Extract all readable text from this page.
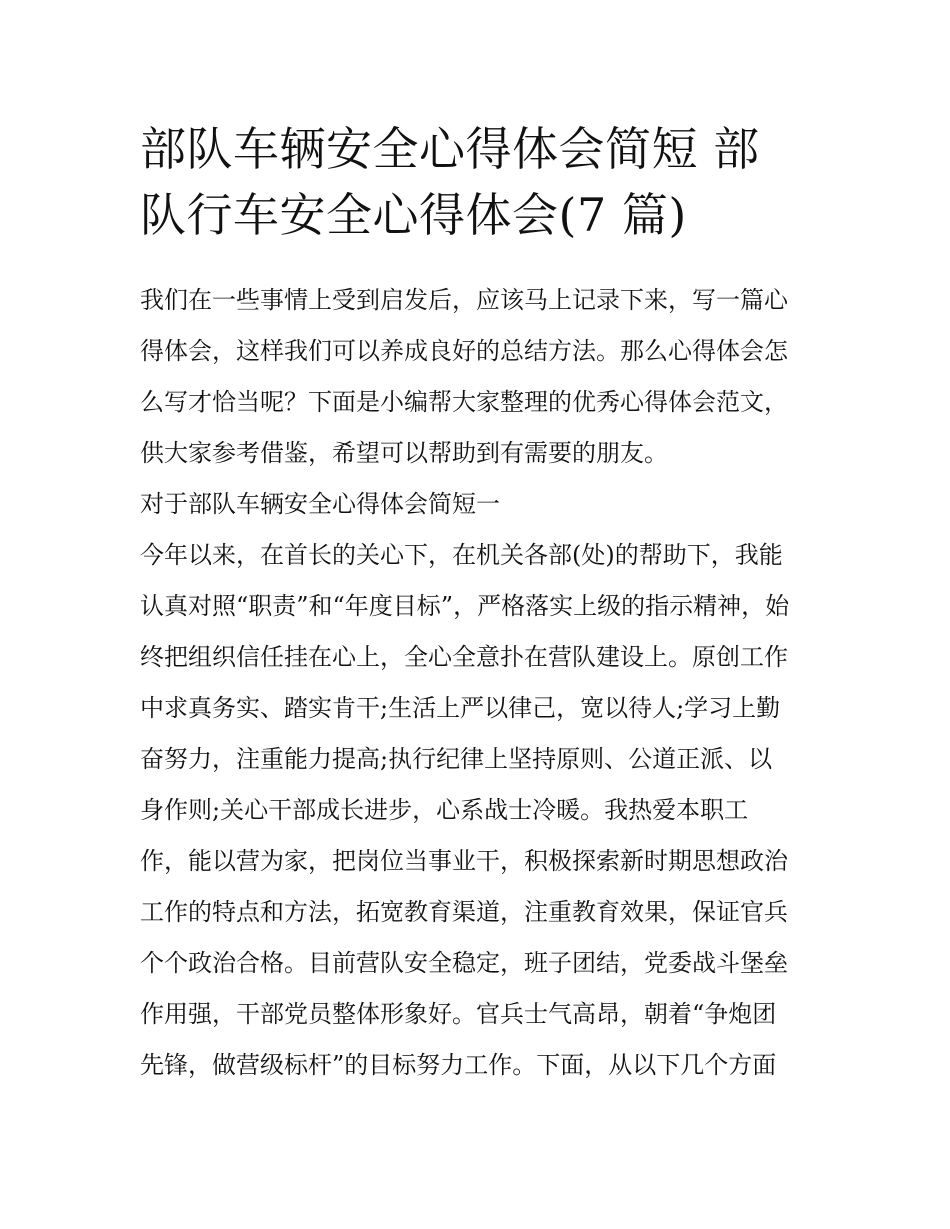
部队车辆安全心得体会简短 部
队行车安全心得体会(7 篇)
我们在一些事情上受到启发后，应该马上记录下来，写一篇心
得体会，这样我们可以养成良好的总结方法。那么心得体会怎
么写才恰当呢？下面是小编帮大家整理的优秀心得体会范文，
供大家参考借鉴，希望可以帮助到有需要的朋友。
对于部队车辆安全心得体会简短一
今年以来，在首长的关心下，在机关各部(处)的帮助下，我能
认真对照“职责”和“年度目标”，严格落实上级的指示精神，始
终把组织信任挂在心上，全心全意扑在营队建设上。原创工作
中求真务实、踏实肯干;生活上严以律己，宽以待人;学习上勤
奋努力，注重能力提高;执行纪律上坚持原则、公道正派、以
身作则;关心干部成长进步，心系战士冷暖。我热爱本职工
作，能以营为家，把岗位当事业干，积极探索新时期思想政治
工作的特点和方法，拓宽教育渠道，注重教育效果，保证官兵
个个政治合格。目前营队安全稳定，班子团结，党委战斗堡垒
作用强，干部党员整体形象好。官兵士气高昂，朝着“争炮团
先锋，做营级标杆”的目标努力工作。下面，从以下几个方面
